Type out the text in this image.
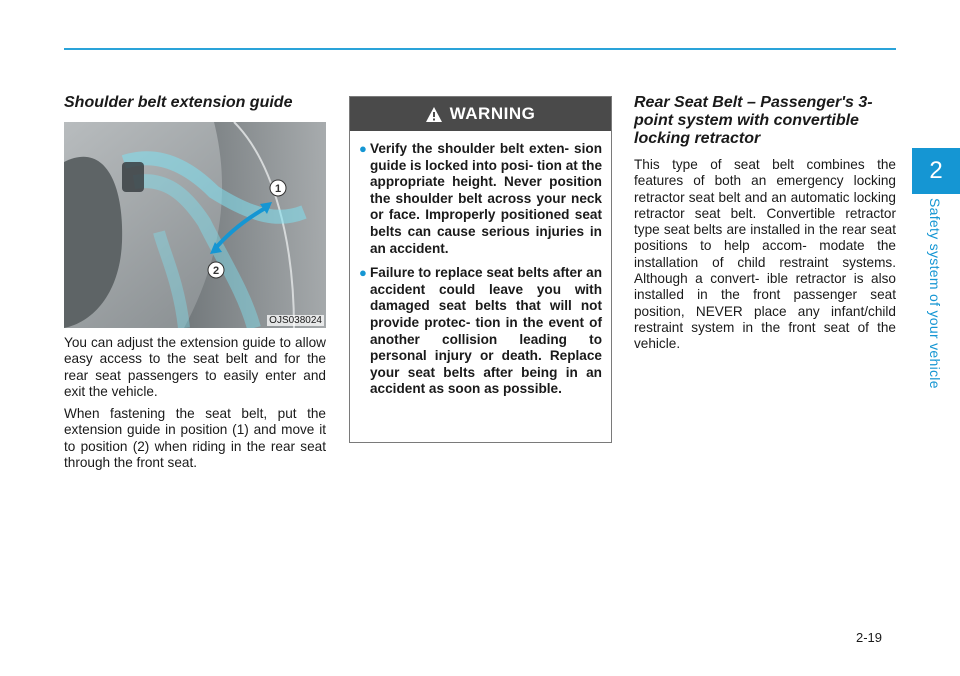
2
Safety system of your vehicle
Shoulder belt extension guide
1
2
OJS038024

You can adjust the extension guide to allow easy access to the seat belt and for the rear seat passengers to easily enter and exit the vehicle.

When fastening the seat belt, put the extension guide in position (1) and move it to position (2) when riding in the rear seat through the front seat.

WARNING
● Verify the shoulder belt exten- sion guide is locked into posi- tion at the appropriate height. Never position the shoulder belt across your neck or face. Improperly positioned seat belts can cause serious injuries in an accident.
● Failure to replace seat belts after an accident could leave you with damaged seat belts that will not provide protec- tion in the event of another collision leading to personal injury or death. Replace your seat belts after being in an accident as soon as possible.
Rear Seat Belt – Passenger's 3-point system with convertible locking retractor

This type of seat belt combines the features of both an emergency locking retractor seat belt and an automatic locking retractor seat belt. Convertible retractor type seat belts are installed in the rear seat positions to help accom- modate the installation of child restraint systems. Although a convert- ible retractor is also installed in the front passenger seat position, NEVER place any infant/child restraint system in the front seat of the vehicle.

2-19
